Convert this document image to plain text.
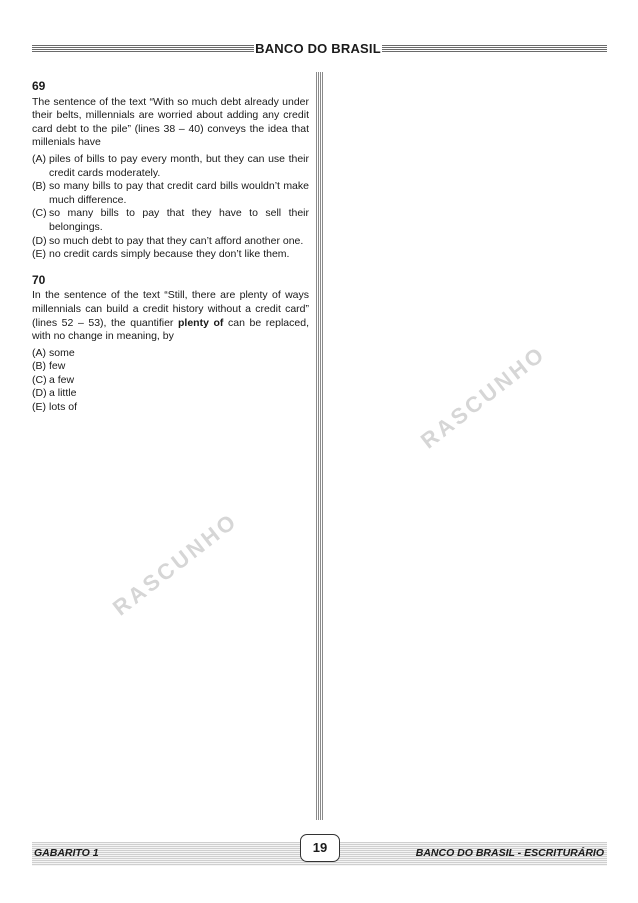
BANCO DO BRASIL
69
The sentence of the text “With so much debt already under their belts, millennials are worried about adding any credit card debt to the pile” (lines 38 – 40) conveys the idea that millenials have
(A) piles of bills to pay every month, but they can use their credit cards moderately.
(B) so many bills to pay that credit card bills wouldn’t make much difference.
(C) so many bills to pay that they have to sell their belongings.
(D) so much debt to pay that they can’t afford another one.
(E) no credit cards simply because they don’t like them.
70
In the sentence of the text “Still, there are plenty of ways millennials can build a credit history without a credit card” (lines 52 – 53), the quantifier plenty of can be replaced, with no change in meaning, by
(A) some
(B) few
(C) a few
(D) a little
(E) lots of
RASCUNHO
RASCUNHO
GABARITO 1	19	BANCO DO BRASIL - ESCRITURÁRIO
